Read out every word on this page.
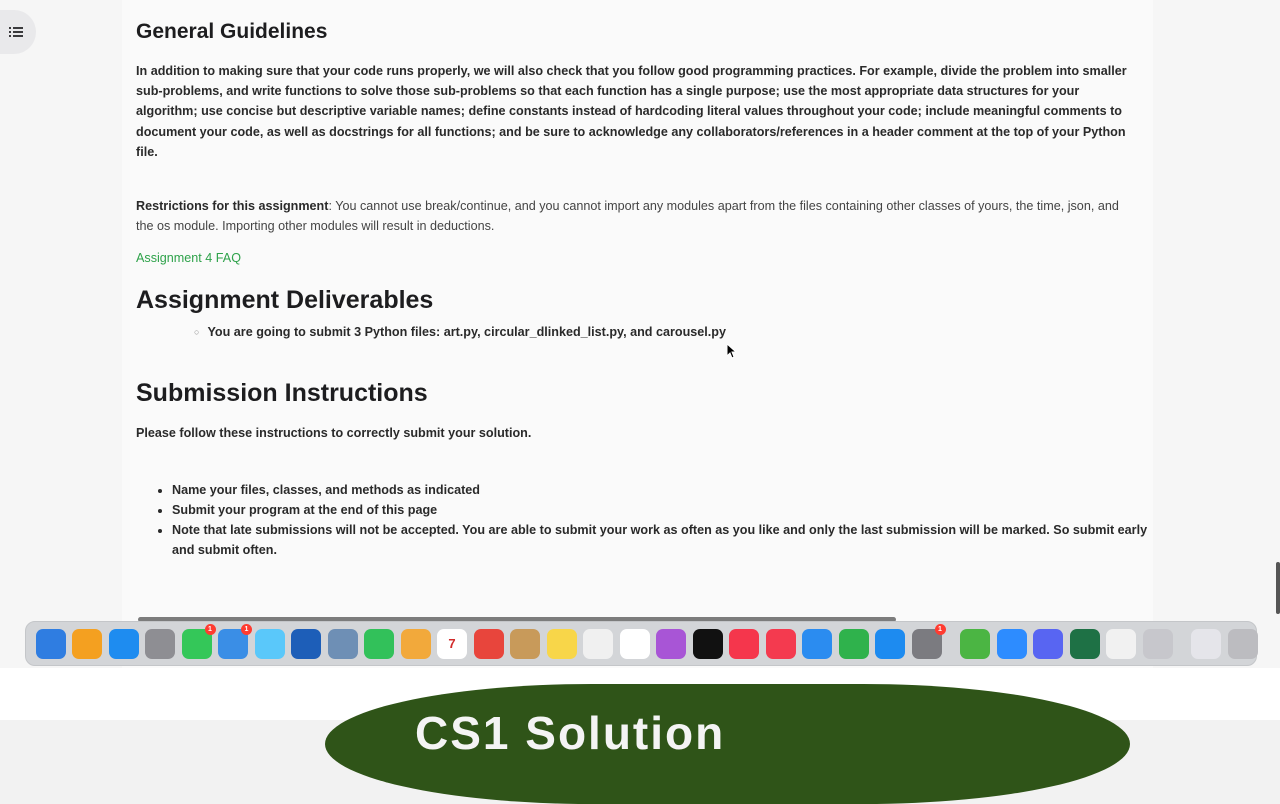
General Guidelines

In addition to making sure that your code runs properly, we will also check that you follow good programming practices. For example, divide the problem into smaller sub-problems, and write functions to solve those sub-problems so that each function has a single purpose; use the most appropriate data structures for your algorithm; use concise but descriptive variable names; define constants instead of hardcoding literal values throughout your code; include meaningful comments to document your code, as well as docstrings for all functions; and be sure to acknowledge any collaborators/references in a header comment at the top of your Python file.

Restrictions for this assignment: You cannot use break/continue, and you cannot import any modules apart from the files containing other classes of yours, the time, json, and the os module. Importing other modules will result in deductions.

Assignment 4 FAQ
Assignment Deliverables
○ You are going to submit 3 Python files: art.py, circular_dlinked_list.py, and carousel.py
Submission Instructions

Please follow these instructions to correctly submit your solution.

• Name your files, classes, and methods as indicated
• Submit your program at the end of this page
• Note that late submissions will not be accepted. You are able to submit your work as often as you like and only the last submission will be marked. So submit early and submit often.
1	1
7
1
CS1 Solution
